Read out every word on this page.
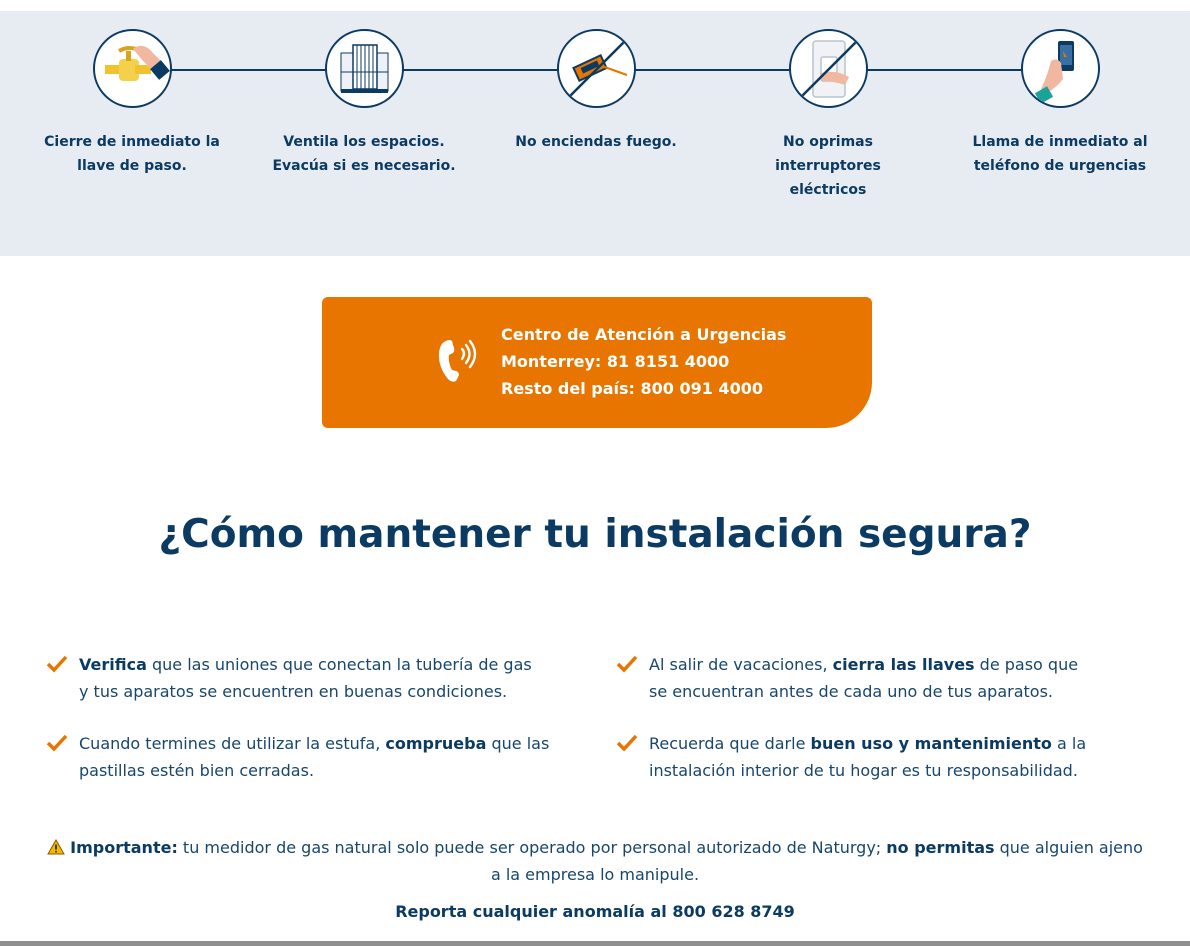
Cierre de inmediato la
llave de paso.
Ventila los espacios.
Evacúa si es necesario.
No enciendas fuego.	No oprimas interruptores
eléctricos
Llama de inmediato al
teléfono de urgencias
Centro de Atención a Urgencias
Monterrey: 81 8151 4000
Resto del país: 800 091 4000
¿Cómo mantener tu instalación segura?
Verifica que las uniones que conectan la tubería de gas y tus aparatos se encuentren en buenas condiciones.
Al salir de vacaciones, cierra las llaves de paso que se encuentran antes de cada uno de tus aparatos.
Cuando termines de utilizar la estufa, comprueba que las pastillas estén bien cerradas.
Recuerda que darle buen uso y mantenimiento a la instalación interior de tu hogar es tu responsabilidad.
Importante: tu medidor de gas natural solo puede ser operado por personal autorizado de Naturgy; no permitas que alguien ajeno a la empresa lo manipule.
Reporta cualquier anomalía al 800 628 8749
